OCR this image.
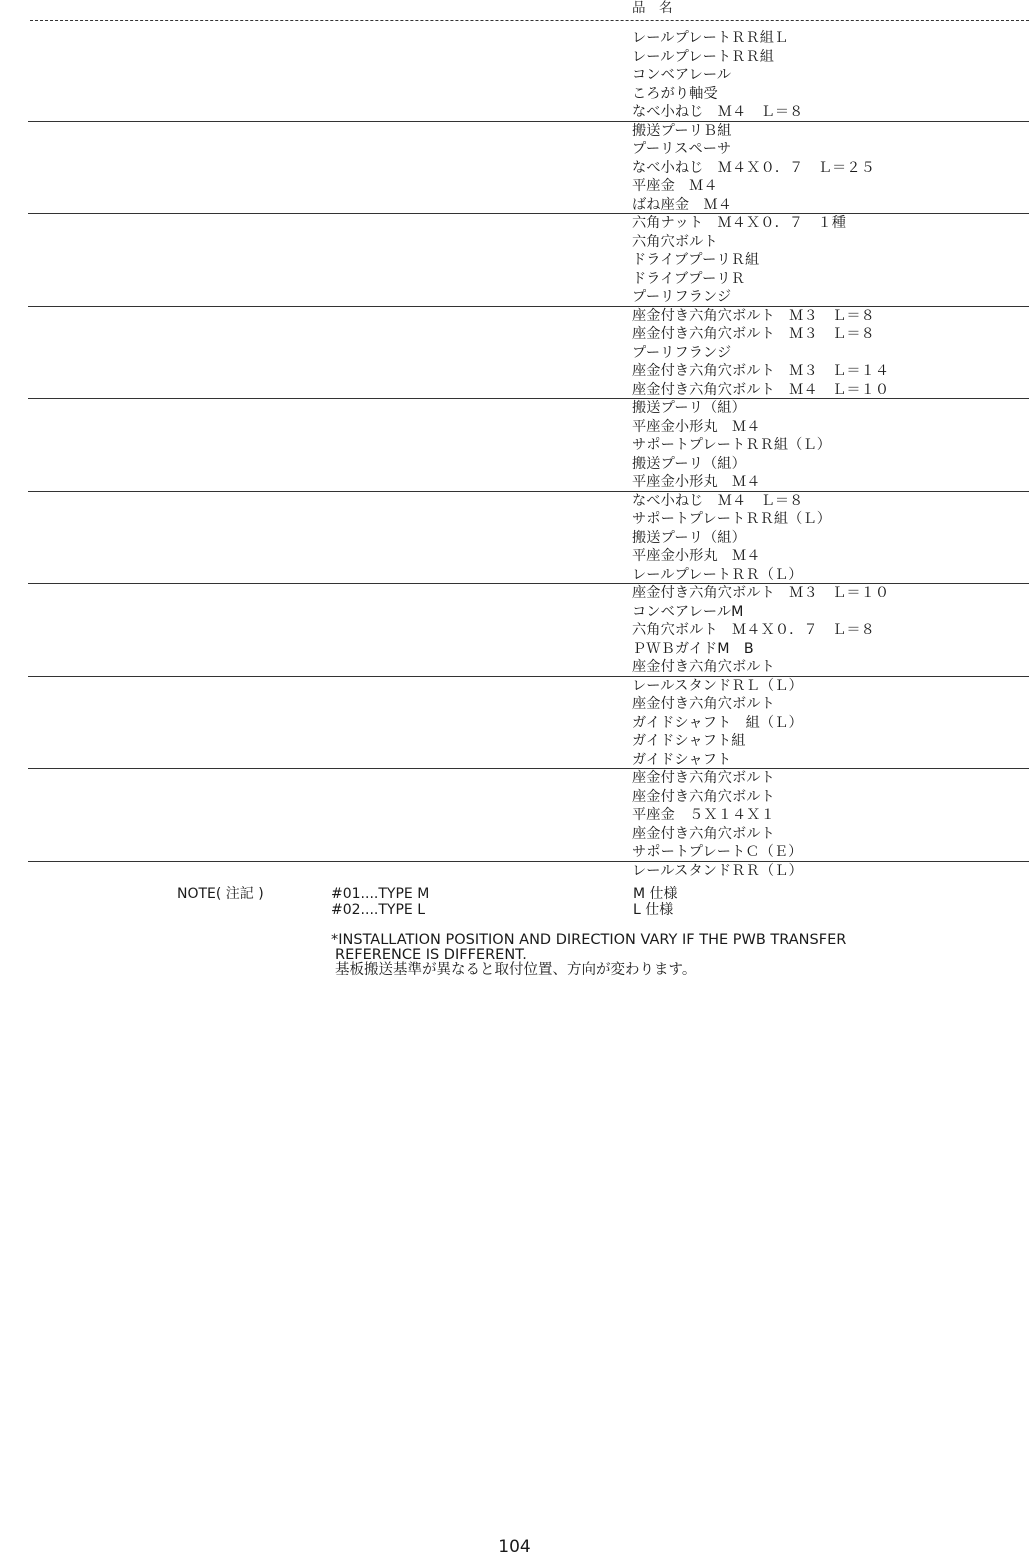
品　名
レールプレートＲＲ組Ｌ
レールプレートＲＲ組
コンベアレール
ころがり軸受
なべ小ねじ　Ｍ４　Ｌ＝８
搬送プーリＢ組
プーリスペーサ
なべ小ねじ　Ｍ４Ｘ０．７　Ｌ＝２５
平座金　Ｍ４
ばね座金　Ｍ４
六角ナット　Ｍ４Ｘ０．７　１種
六角穴ボルト
ドライブプーリＲ組
ドライブプーリＲ
プーリフランジ
座金付き六角穴ボルト　Ｍ３　Ｌ＝８
座金付き六角穴ボルト　Ｍ３　Ｌ＝８
プーリフランジ
座金付き六角穴ボルト　Ｍ３　Ｌ＝１４
座金付き六角穴ボルト　Ｍ４　Ｌ＝１０
搬送プーリ（組）
平座金小形丸　Ｍ４
サポートプレートＲＲ組（Ｌ）
搬送プーリ（組）
平座金小形丸　Ｍ４
なべ小ねじ　Ｍ４　Ｌ＝８
サポートプレートＲＲ組（Ｌ）
搬送プーリ（組）
平座金小形丸　Ｍ４
レールプレートＲＲ（Ｌ）
座金付き六角穴ボルト　Ｍ３　Ｌ＝１０
コンベアレールM
六角穴ボルト　Ｍ４Ｘ０．７　Ｌ＝８
ＰＷＢガイドM　B
座金付き六角穴ボルト
レールスタンドＲＬ（Ｌ）
座金付き六角穴ボルト
ガイドシャフト　組（Ｌ）
ガイドシャフト組
ガイドシャフト
座金付き六角穴ボルト
座金付き六角穴ボルト
平座金　５Ｘ１４Ｘ１
座金付き六角穴ボルト
サポートプレートＣ（Ｅ）
レールスタンドＲＲ（Ｌ）
NOTE( 注記 )	#01....TYPE M
#02....TYPE L
M 仕様
L 仕様
*INSTALLATION POSITION AND DIRECTION VARY IF THE PWB TRANSFER
REFERENCE IS DIFFERENT.
基板搬送基準が異なると取付位置、方向が変わります。
104
